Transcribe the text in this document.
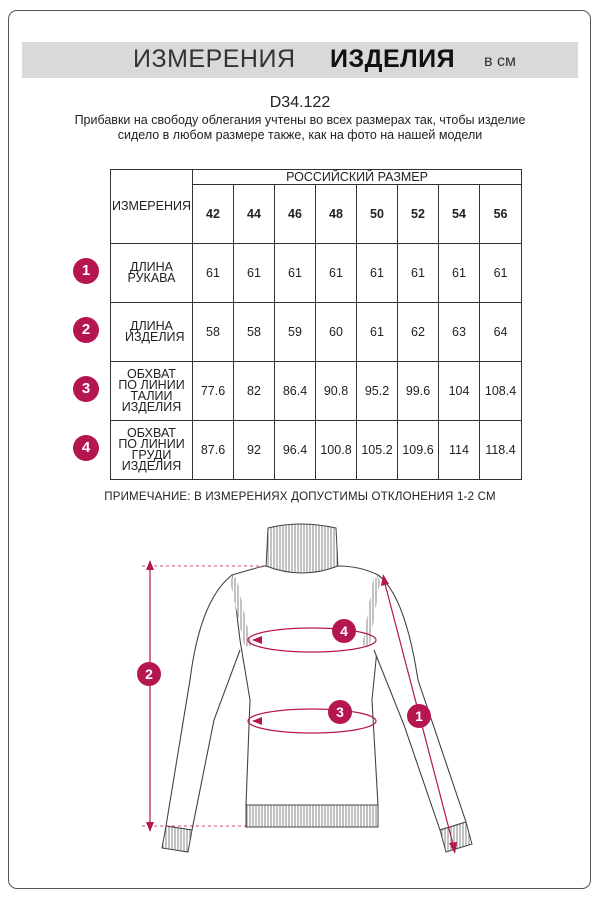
ИЗМЕРЕНИЯ ИЗДЕЛИЯ в см
D34.122
Прибавки на свободу облегания учтены во всех размерах так, чтобы изделие сидело в любом размере также, как на фото на нашей модели
ИЗМЕРЕНИЯ	РОССИЙСКИЙ РАЗМЕР							
	42	44	46	48	50	52	54	56
ДЛИНА РУКАВА	61	61	61	61	61	61	61	61
ДЛИНА ИЗДЕЛИЯ	58	58	59	60	61	62	63	64
ОБХВАТ ПО ЛИНИИ ТАЛИИ ИЗДЕЛИЯ	77.6	82	86.4	90.8	95.2	99.6	104	108.4
ОБХВАТ ПО ЛИНИИ ГРУДИ ИЗДЕЛИЯ	87.6	92	96.4	100.8	105.2	109.6	114	118.4
1
2
3
4
ПРИМЕЧАНИЕ: В ИЗМЕРЕНИЯХ ДОПУСТИМЫ ОТКЛОНЕНИЯ 1-2 СМ
4
3
2
1
